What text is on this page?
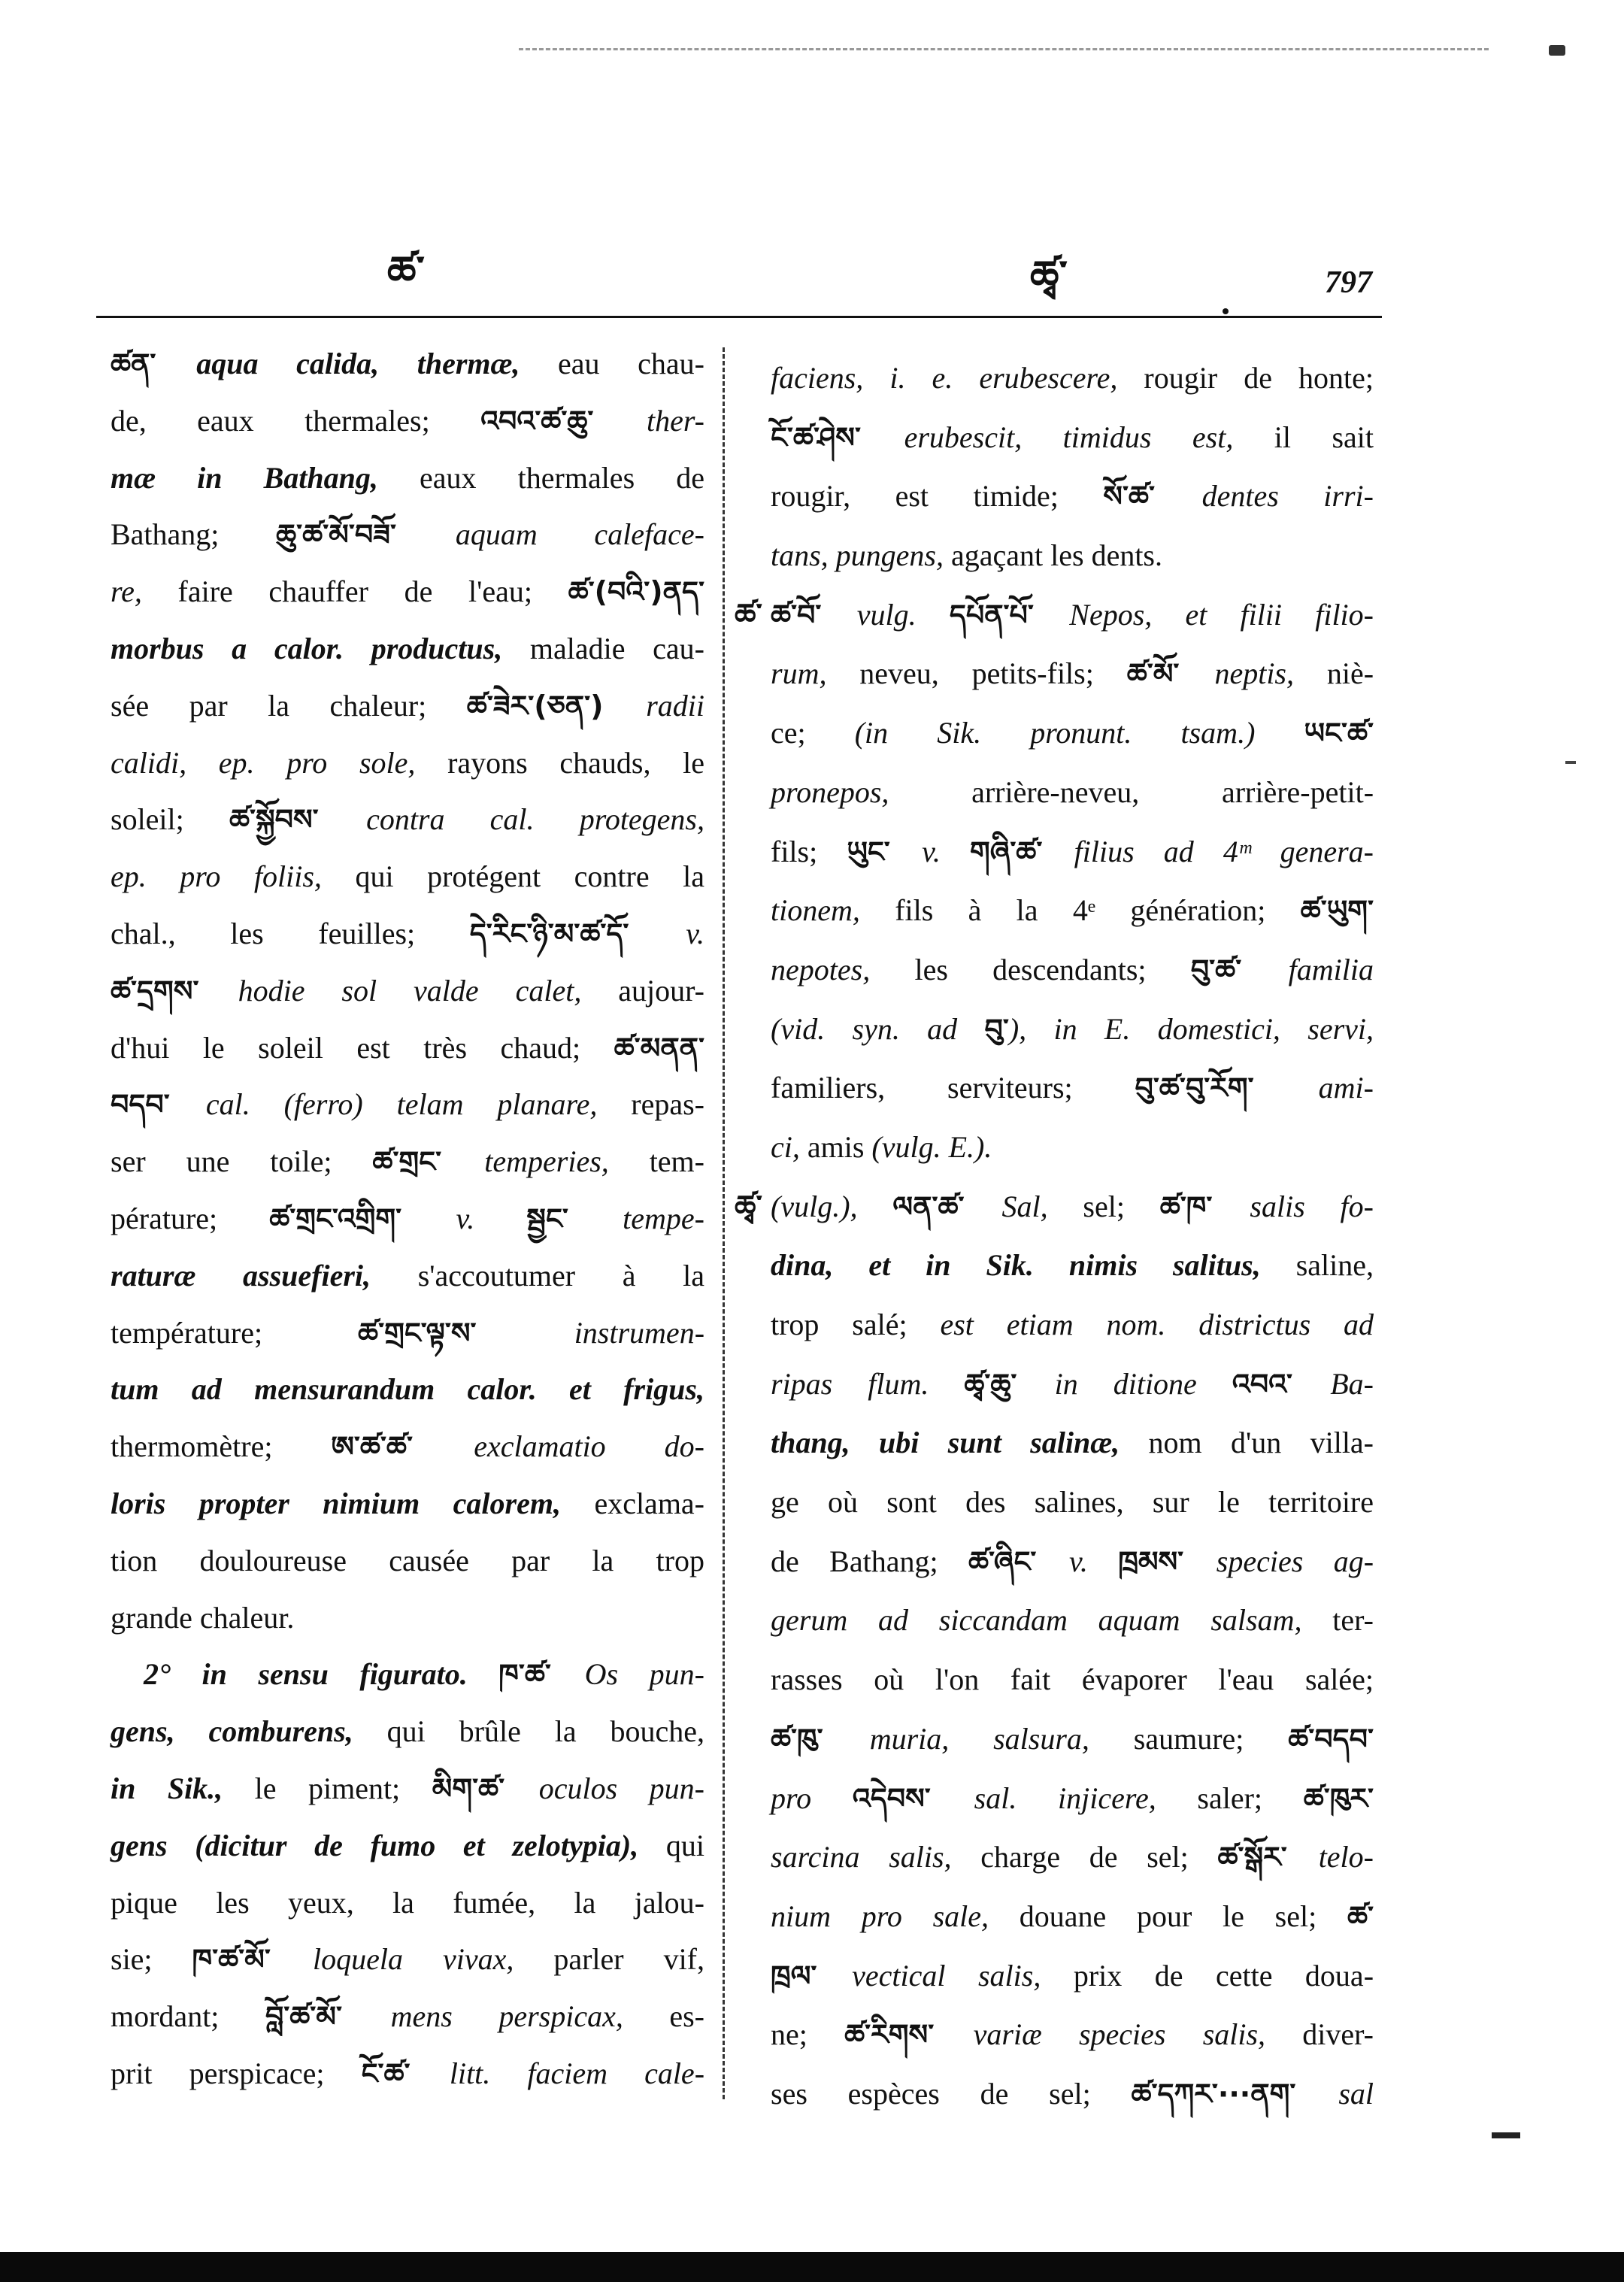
ཚ་	ཚྭ་	797
ཚན་ aqua calida, thermæ, eau chau-
de, eaux thermales; འབའ་ཚ་ཆུ་ ther-
mæ in Bathang, eaux thermales de
Bathang; ཆུ་ཚ་མོ་བཟོ་ aquam calefacе-
re, faire chauffer de l'eau; ཚ་(བའི་)ནད་
morbus a calor. productus, maladie cau-
sée par la chaleur; ཚ་ཟེར་(ཅན་) radii
calidi, ep. pro sole, rayons chauds, le
soleil; ཚ་སྐྱོབས་ contra cal. protegens,
ep. pro foliis, qui protégent contre la
chal., les feuilles; དེ་རིང་ཉི་མ་ཚ་དོ་ v.
ཚ་དྲགས་ hodie sol valde calet, aujour-
d'hui le soleil est très chaud; ཚ་མནན་
བདབ་ cal. (ferro) telam planare, repas-
ser une toile; ཚ་གྲང་ temperies, tem-
pérature; ཚ་གྲང་འགྲིག་ v. སྦྱང་ tempe-
raturæ assuefieri, s'accoutumer à la
température; ཚ་གྲང་ལྟ་ས་ instrumen-
tum ad mensurandum calor. et frigus,
thermomètre; ཨ་ཚ་ཚ་ exclamatio do-
loris propter nimium calorem, exclama-
tion douloureuse causée par la trop
grande chaleur.
2° in sensu figurato. ཁ་ཚ་ Os pun-
gens, comburens, qui brûle la bouche,
in Sik., le piment; མིག་ཚ་ oculos pun-
gens (dicitur de fumo et zelotypia), qui
pique les yeux, la fumée, la jalou-
sie; ཁ་ཚ་མོ་ loquela vivax, parler vif,
mordant; བློ་ཚ་མོ་ mens perspicax, es-
prit perspicace; ངོ་ཚ་ litt. faciem cale-
faciens, i. e. erubescere, rougir de honte;
ངོ་ཚ་ཤེས་ erubescit, timidus est, il sait
rougir, est timide; སོ་ཚ་ dentes irri-
tans, pungens, agaçant les dents.
ཚ་ ཚ་བོ་ vulg. དཔོན་པོ་ Nepos, et filii filio-
rum, neveu, petits-fils; ཚ་མོ་ neptis, niè-
ce; (in Sik. pronunt. tsam.) ཡང་ཚ་
pronepos, arrière-neveu, arrière-petit-
fils; ཡུང་ v. གཞི་ཚ་ filius ad 4ᵐ genera-
tionem, fils à la 4ᵉ génération; ཚ་ཡུག་
nepotes, les descendants; བུ་ཚ་ familia
(vid. syn. ad བུ་), in E. domestici, servi,
familiers, serviteurs; བུ་ཚ་བུ་རོག་ ami-
ci, amis (vulg. E.).
ཚྭ་ (vulg.), ལན་ཚ་ Sal, sel; ཚ་ཁ་ salis fo-
dina, et in Sik. nimis salitus, saline,
trop salé; est etiam nom. districtus ad
ripas flum. ཚྭ་ཆུ་ in ditione འབའ་ Ba-
thang, ubi sunt salinæ, nom d'un villa-
ge où sont des salines, sur le territoire
de Bathang; ཚ་ཞིང་ v. ཁྲམས་ species ag-
gerum ad siccandam aquam salsam, ter-
rasses où l'on fait évaporer l'eau salée;
ཚ་ཁུ་ muria, salsura, saumure; ཚ་བདབ་
pro འདེབས་ sal. injicere, saler; ཚ་ཁུར་
sarcina salis, charge de sel; ཚ་སྒོར་ telo-
nium pro sale, douane pour le sel; ཚ་
ཁྲལ་ vectical salis, prix de cette doua-
ne; ཚ་རིགས་ variæ species salis, diver-
ses espèces de sel; ཚ་དཀར་···ནག་ sal
